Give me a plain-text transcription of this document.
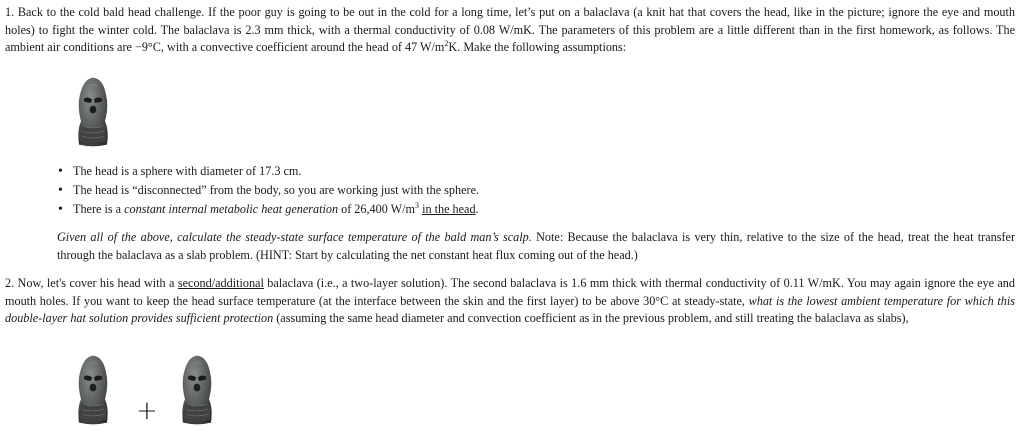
1. Back to the cold bald head challenge. If the poor guy is going to be out in the cold for a long time, let’s put on a balaclava (a knit hat that covers the head, like in the picture; ignore the eye and mouth holes) to fight the winter cold. The balaclava is 2.3 mm thick, with a thermal conductivity of 0.08 W/mK. The parameters of this problem are a little different than in the first homework, as follows. The ambient air conditions are −9°C, with a convective coefficient around the head of 47 $W/m^2K$. Make the following assumptions:
• The head is a sphere with diameter of 17.3 cm.
• The head is “disconnected” from the body, so you are working just with the sphere.
• There is a constant internal metabolic heat generation of 26,400 $W/m^3$ in the head.
Given all of the above, calculate the steady-state surface temperature of the bald man’s scalp. Note: Because the balaclava is very thin, relative to the size of the head, treat the heat transfer through the balaclava as a slab problem. (HINT: Start by calculating the net constant heat flux coming out of the head.)
2. Now, let's cover his head with a second/additional balaclava (i.e., a two-layer solution). The second balaclava is 1.6 mm thick with thermal conductivity of 0.11 W/mK. You may again ignore the eye and mouth holes. If you want to keep the head surface temperature (at the interface between the skin and the first layer) to be above 30°C at steady-state, what is the lowest ambient temperature for which this double-layer hat solution provides sufficient protection (assuming the same head diameter and convection coefficient as in the previous problem, and still treating the balaclava as slabs),
+
